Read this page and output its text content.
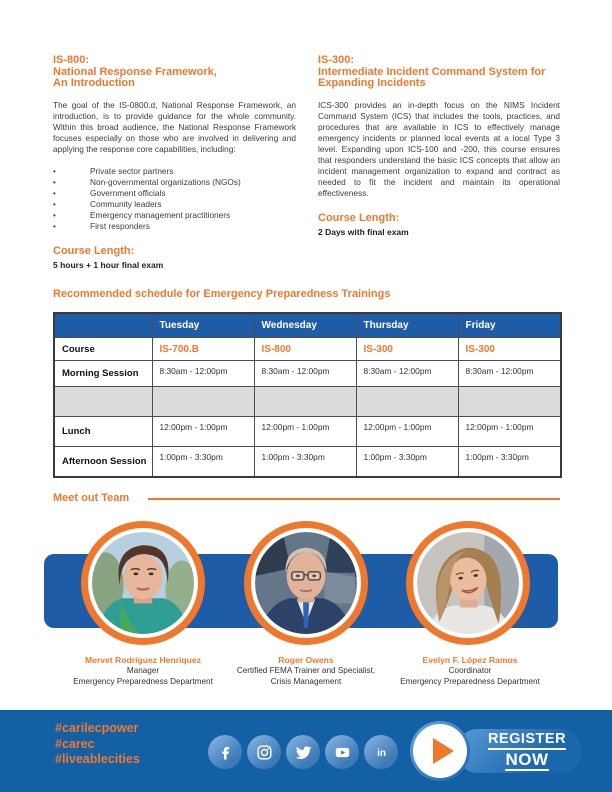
IS-800:
National Response Framework,
An Introduction
The goal of the IS-0800.d, National Response Framework, an introduction, is to provide guidance for the whole community. Within this broad audience, the National Response Framework focuses especially on those who are involved in delivering and applying the response core capabilities, including:
•	Private sector partners
•	Non-governmental organizations (NGOs)
•	Government officials
•	Community leaders
•	Emergency management practitioners
•	First responders
Course Length:
5 hours + 1 hour final exam
IS-300:
Intermediate Incident Command System for
Expanding Incidents
ICS-300 provides an in-depth focus on the NIMS Incident Command System (ICS) that includes the tools, practices, and procedures that are available in ICS to effectively manage emergency incidents or planned local events at a local Type 3 level. Expanding upon ICS-100 and -200, this course ensures that responders understand the basic ICS concepts that allow an incident management organization to expand and contract as needed to fit the incident and maintain its operational effectiveness.
Course Length:
2 Days with final exam
Recommended schedule for Emergency Preparedness Trainings
	Tuesday	Wednesday	Thursday	Friday
Course	IS-700.B	IS-800	IS-300	IS-300
Morning Session	8:30am - 12:00pm	8:30am - 12:00pm	8:30am - 12:00pm	8:30am - 12:00pm

Lunch	12:00pm - 1:00pm	12:00pm - 1:00pm	12:00pm - 1:00pm	12:00pm - 1:00pm
Afternoon Session	1:00pm - 3:30pm	1:00pm - 3:30pm	1:00pm - 3:30pm	1:00pm - 3:30pm
Meet out Team
Mervet Rodríguez Henriquez
Manager
Emergency Preparedness Department
Roger Owens
Certified FEMA Trainer and Specialist,
Crisis Management
Evelyn F. López Ramos
Coordinator
Emergency Preparedness Department
#carilecpower
#carec
#liveablecities	in
REGISTER
NOW
